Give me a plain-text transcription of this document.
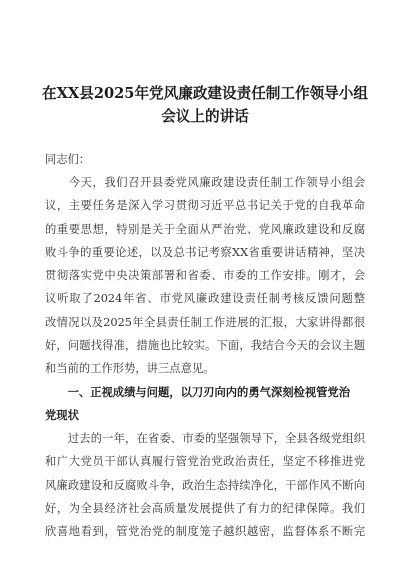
在XX县2025年党风廉政建设责任制工作领导小组
会议上的讲话
同志们：
　　今天，我们召开县委党风廉政建设责任制工作领导小组会
议，主要任务是深入学习贯彻习近平总书记关于党的自我革命
的重要思想，特别是关于全面从严治党、党风廉政建设和反腐
败斗争的重要论述，以及总书记考察XX省重要讲话精神，坚决
贯彻落实党中央决策部署和省委、市委的工作安排。刚才，会
议听取了2024年省、市党风廉政建设责任制考核反馈问题整
改情况以及2025年全县责任制工作进展的汇报，大家讲得都很
好，问题找得准，措施也比较实。下面，我结合今天的会议主题
和当前的工作形势，讲三点意见。
　　一、正视成绩与问题，以刀刃向内的勇气深刻检视管党治
党现状
　　过去的一年，在省委、市委的坚强领导下，全县各级党组织
和广大党员干部认真履行管党治党政治责任，坚定不移推进党
风廉政建设和反腐败斗争，政治生态持续净化，干部作风不断向
好，为全县经济社会高质量发展提供了有力的纪律保障。我们
欣喜地看到，管党治党的制度笼子越织越密，监督体系不断完
